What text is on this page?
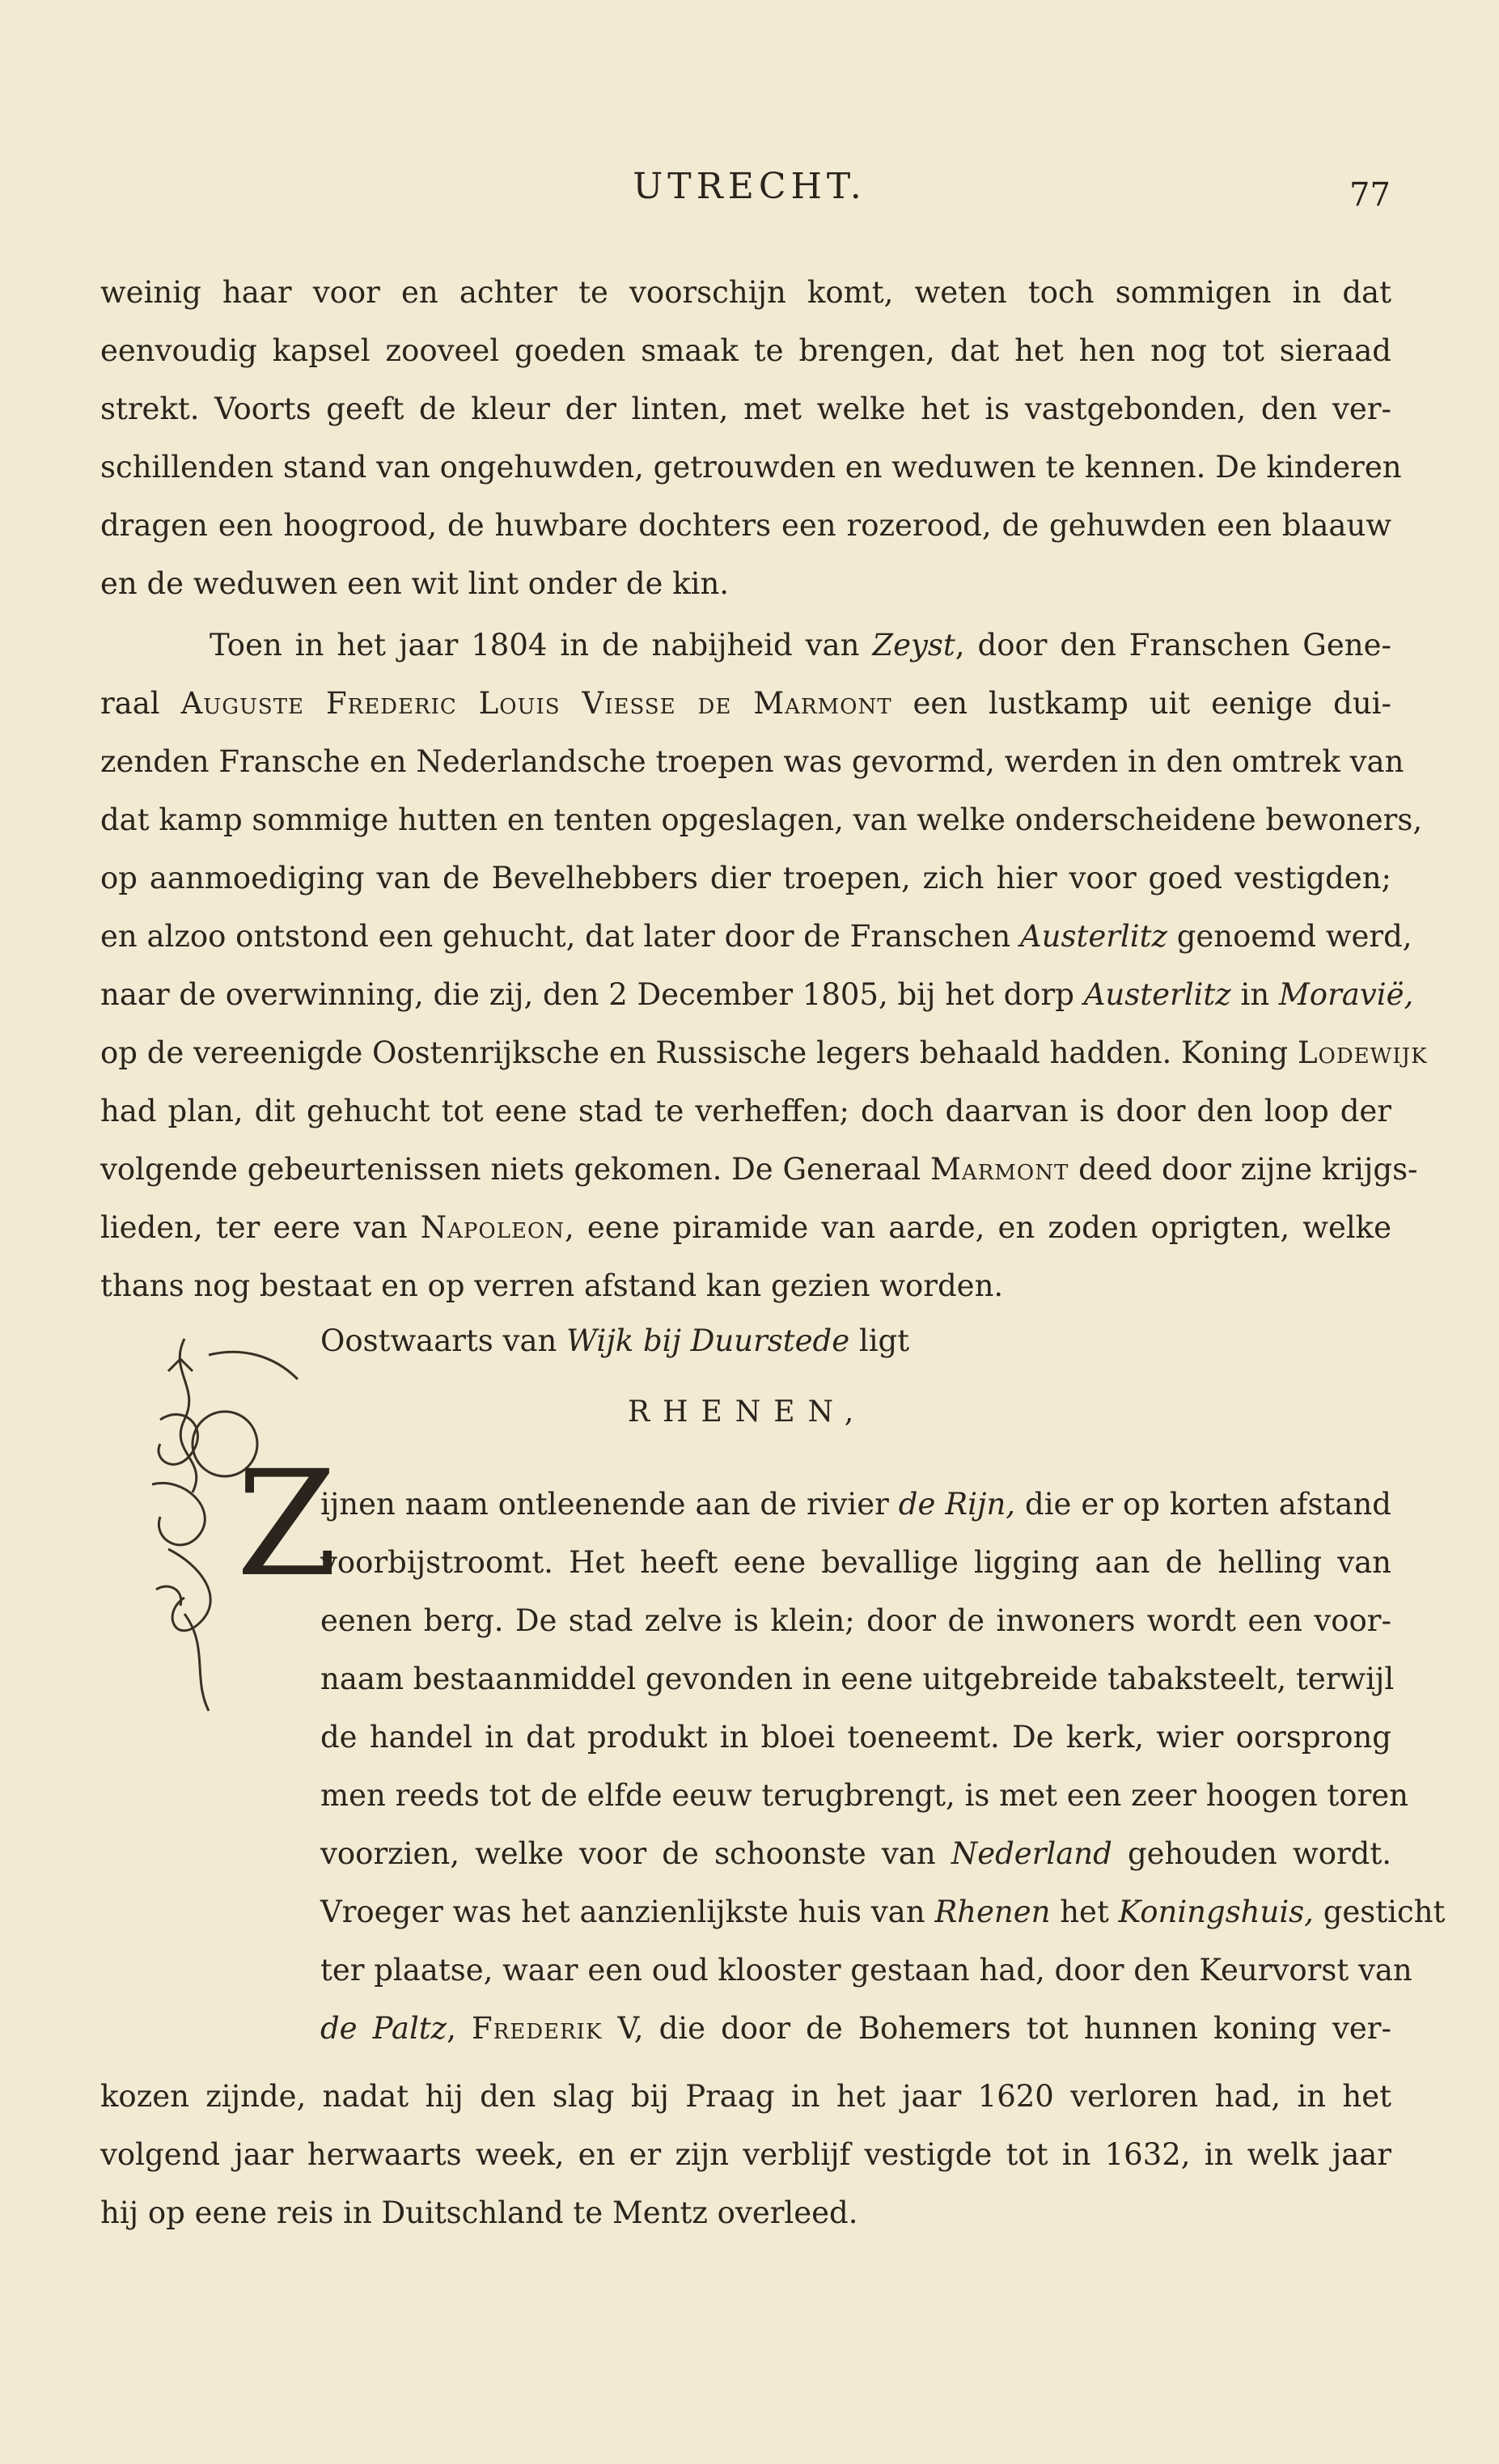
UTRECHT.	77
weinig haar voor en achter te voorschijn komt, weten toch sommigen in dat
eenvoudig kapsel zooveel goeden smaak te brengen, dat het hen nog tot sieraad
strekt. Voorts geeft de kleur der linten, met welke het is vastgebonden, den ver-
schillenden stand van ongehuwden, getrouwden en weduwen te kennen. De kinderen
dragen een hoogrood, de huwbare dochters een rozerood, de gehuwden een blaauw
en de weduwen een wit lint onder de kin.
Toen in het jaar 1804 in de nabijheid van Zeyst, door den Franschen Gene-
raal Auguste Frederic Louis Viesse de Marmont een lustkamp uit eenige dui-
zenden Fransche en Nederlandsche troepen was gevormd, werden in den omtrek van
dat kamp sommige hutten en tenten opgeslagen, van welke onderscheidene bewoners,
op aanmoediging van de Bevelhebbers dier troepen, zich hier voor goed vestigden;
en alzoo ontstond een gehucht, dat later door de Franschen Austerlitz genoemd werd,
naar de overwinning, die zij, den 2 December 1805, bij het dorp Austerlitz in Moravië,
op de vereenigde Oostenrijksche en Russische legers behaald hadden. Koning Lodewijk
had plan, dit gehucht tot eene stad te verheffen; doch daarvan is door den loop der
volgende gebeurtenissen niets gekomen. De Generaal Marmont deed door zijne krijgs-
lieden, ter eere van Napoleon, eene piramide van aarde, en zoden oprigten, welke
thans nog bestaat en op verren afstand kan gezien worden.
Oostwaarts van Wijk bij Duurstede ligt
RHENEN,
Z
ijnen naam ontleenende aan de rivier de Rijn, die er op korten afstand
voorbijstroomt. Het heeft eene bevallige ligging aan de helling van
eenen berg. De stad zelve is klein; door de inwoners wordt een voor-
naam bestaanmiddel gevonden in eene uitgebreide tabaksteelt, terwijl
de handel in dat produkt in bloei toeneemt. De kerk, wier oorsprong
men reeds tot de elfde eeuw terugbrengt, is met een zeer hoogen toren
voorzien, welke voor de schoonste van Nederland gehouden wordt.
Vroeger was het aanzienlijkste huis van Rhenen het Koningshuis, gesticht
ter plaatse, waar een oud klooster gestaan had, door den Keurvorst van
de Paltz, Frederik V, die door de Bohemers tot hunnen koning ver-
kozen zijnde, nadat hij den slag bij Praag in het jaar 1620 verloren had, in het
volgend jaar herwaarts week, en er zijn verblijf vestigde tot in 1632, in welk jaar
hij op eene reis in Duitschland te Mentz overleed.
